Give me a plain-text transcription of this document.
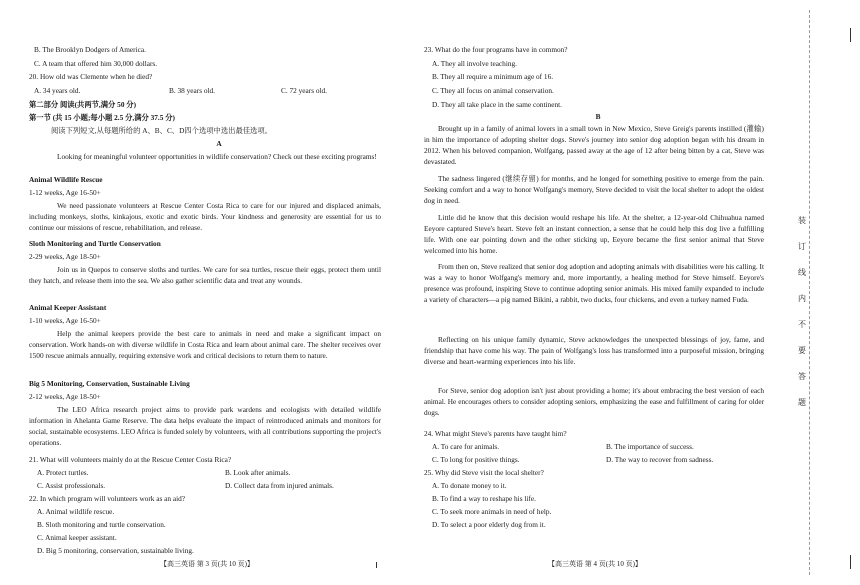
B. The Brooklyn Dodgers of America.
C. A team that offered him 30,000 dollars.
20. How old was Clemente when he died?
A. 34 years old.	B. 38 years old.	C. 72 years old.
第二部分 阅读(共两节,满分 50 分)
第一节 (共 15 小题;每小题 2.5 分,满分 37.5 分)
阅读下列短文,从每题所给的 A、B、C、D四个选项中选出最佳选项。
A
Looking for meaningful volunteer opportunities in wildlife conservation? Check out these exciting programs!
Animal Wildlife Rescue
1-12 weeks, Age 16-50+
We need passionate volunteers at Rescue Center Costa Rica to care for our injured and displaced animals, including monkeys, sloths, kinkajous, exotic and exotic birds. Your kindness and generosity are essential for us to continue our missions of rescue, rehabilitation, and release.
Sloth Monitoring and Turtle Conservation
2-29 weeks, Age 18-50+
Join us in Quepos to conserve sloths and turtles. We care for sea turtles, rescue their eggs, protect them until they hatch, and release them into the sea. We also gather scientific data and treat any wounds.
Animal Keeper Assistant
1-10 weeks, Age 16-50+
Help the animal keepers provide the best care to animals in need and make a significant impact on conservation. Work hands-on with diverse wildlife in Costa Rica and learn about animal care. The shelter receives over 1500 rescue animals annually, requiring extensive work and critical decisions to return them to nature.
Big 5 Monitoring, Conservation, Sustainable Living
2-12 weeks, Age 18-50+
The LEO Africa research project aims to provide park wardens and ecologists with detailed wildlife information in Ahelanta Game Reserve. The data helps evaluate the impact of reintroduced animals and monitors for social, sustainable ecosystems. LEO Africa is funded solely by volunteers, with all contributions supporting the project's operations.
21. What will volunteers mainly do at the Rescue Center Costa Rica?
A. Protect turtles.	B. Look after animals.
C. Assist professionals.	D. Collect data from injured animals.
22. In which program will volunteers work as an aid?
A. Animal wildlife rescue.
B. Sloth monitoring and turtle conservation.
C. Animal keeper assistant.
D. Big 5 monitoring, conservation, sustainable living.
【高三英语 第 3 页(共 10 页)】
23. What do the four programs have in common?
A. They all involve teaching.
B. They all require a minimum age of 16.
C. They all focus on animal conservation.
D. They all take place in the same continent.
B
Brought up in a family of animal lovers in a small town in New Mexico, Steve Greig's parents instilled (灌输) in him the importance of adopting shelter dogs. Steve's journey into senior dog adoption began with his dream in 2012. When his beloved companion, Wolfgang, passed away at the age of 12 after being bitten by a cat, Steve was devastated.
The sadness lingered (继续存留) for months, and he longed for something positive to emerge from the pain. Seeking comfort and a way to honor Wolfgang's memory, Steve decided to visit the local shelter to adopt the oldest dog in need.
Little did he know that this decision would reshape his life. At the shelter, a 12-year-old Chihuahua named Eeyore captured Steve's heart. Steve felt an instant connection, a sense that he could help this dog live a fulfilling life. With one ear pointing down and the other sticking up, Eeyore became the first senior animal that Steve welcomed into his home.
From then on, Steve realized that senior dog adoption and adopting animals with disabilities were his calling. It was a way to honor Wolfgang's memory and, more importantly, a healing method for Steve himself. Eeyore's presence was profound, inspiring Steve to continue adopting senior animals. His mixed family expanded to include a variety of characters—a pig named Bikini, a rabbit, two ducks, four chickens, and even a turkey named Fuda.
Reflecting on his unique family dynamic, Steve acknowledges the unexpected blessings of joy, fame, and friendship that have come his way. The pain of Wolfgang's loss has transformed into a purposeful mission, bringing diverse and heart-warming experiences into his life.
For Steve, senior dog adoption isn't just about providing a home; it's about embracing the best version of each animal. He encourages others to consider adopting seniors, emphasizing the ease and fulfillment of caring for older dogs.
24. What might Steve's parents have taught him?
A. To care for animals.	B. The importance of success.
C. To long for positive things.	D. The way to recover from sadness.
25. Why did Steve visit the local shelter?
A. To donate money to it.
B. To find a way to reshape his life.
C. To seek more animals in need of help.
D. To select a poor elderly dog from it.
【高三英语 第 4 页(共 10 页)】
装
订
线
内
不
要
答
题
